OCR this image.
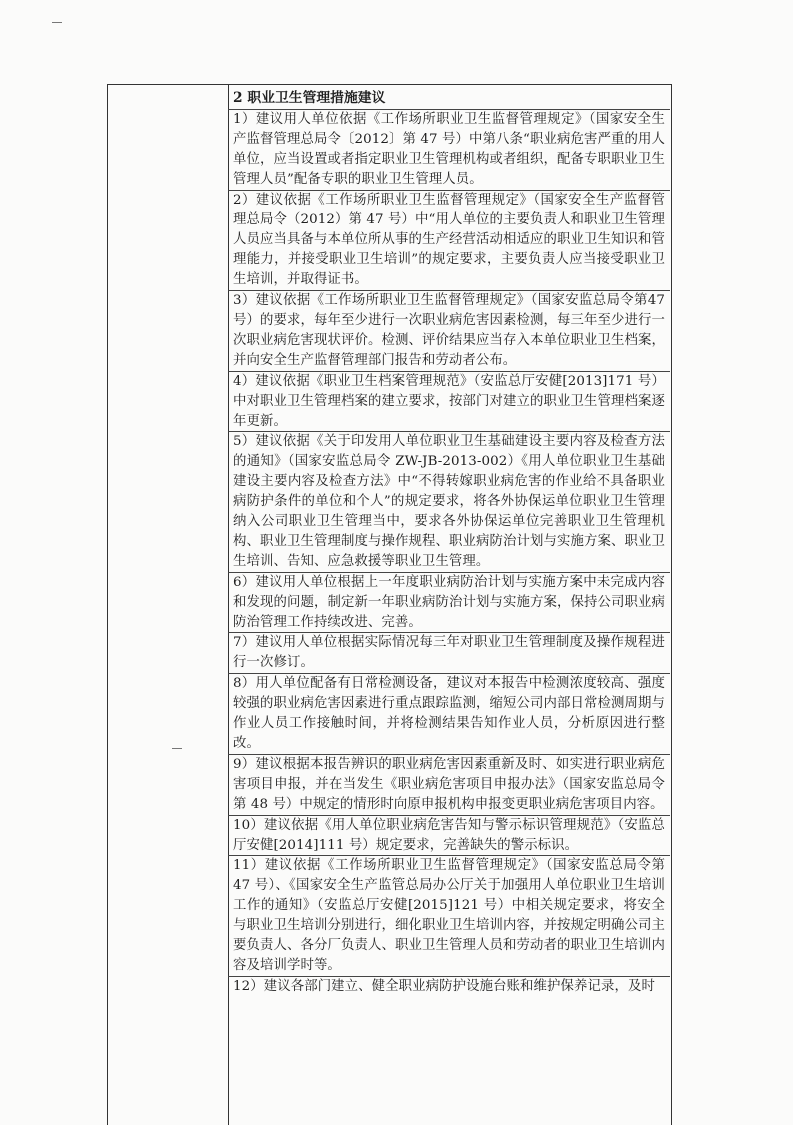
2 职业卫生管理措施建议
1）建议用人单位依据《工作场所职业卫生监督管理规定》（国家安全生产监督管理总局令〔2012〕第 47 号）中第八条“职业病危害严重的用人单位，应当设置或者指定职业卫生管理机构或者组织，配备专职职业卫生管理人员”配备专职的职业卫生管理人员。
2）建议依据《工作场所职业卫生监督管理规定》（国家安全生产监督管理总局令（2012）第 47 号）中“用人单位的主要负责人和职业卫生管理人员应当具备与本单位所从事的生产经营活动相适应的职业卫生知识和管理能力，并接受职业卫生培训”的规定要求，主要负责人应当接受职业卫生培训，并取得证书。
3）建议依据《工作场所职业卫生监督管理规定》（国家安监总局令第47 号）的要求，每年至少进行一次职业病危害因素检测，每三年至少进行一次职业病危害现状评价。检测、评价结果应当存入本单位职业卫生档案，并向安全生产监督管理部门报告和劳动者公布。
4）建议依据《职业卫生档案管理规范》（安监总厅安健[2013]171 号）中对职业卫生管理档案的建立要求，按部门对建立的职业卫生管理档案逐年更新。
5）建议依据《关于印发用人单位职业卫生基础建设主要内容及检查方法的通知》（国家安监总局令 ZW-JB-2013-002）《用人单位职业卫生基础建设主要内容及检查方法》中“不得转嫁职业病危害的作业给不具备职业病防护条件的单位和个人”的规定要求，将各外协保运单位职业卫生管理纳入公司职业卫生管理当中，要求各外协保运单位完善职业卫生管理机构、职业卫生管理制度与操作规程、职业病防治计划与实施方案、职业卫生培训、告知、应急救援等职业卫生管理。
6）建议用人单位根据上一年度职业病防治计划与实施方案中未完成内容和发现的问题，制定新一年职业病防治计划与实施方案，保持公司职业病防治管理工作持续改进、完善。
7）建议用人单位根据实际情况每三年对职业卫生管理制度及操作规程进行一次修订。
8）用人单位配备有日常检测设备，建议对本报告中检测浓度较高、强度较强的职业病危害因素进行重点跟踪监测，缩短公司内部日常检测周期与作业人员工作接触时间，并将检测结果告知作业人员，分析原因进行整改。
9）建议根据本报告辨识的职业病危害因素重新及时、如实进行职业病危害项目申报，并在当发生《职业病危害项目申报办法》（国家安监总局令第 48 号）中规定的情形时向原申报机构申报变更职业病危害项目内容。
10）建议依据《用人单位职业病危害告知与警示标识管理规范》（安监总厅安健[2014]111 号）规定要求，完善缺失的警示标识。
11）建议依据《工作场所职业卫生监督管理规定》（国家安监总局令第47 号）、《国家安全生产监管总局办公厅关于加强用人单位职业卫生培训工作的通知》（安监总厅安健[2015]121 号）中相关规定要求，将安全与职业卫生培训分别进行，细化职业卫生培训内容，并按规定明确公司主要负责人、各分厂负责人、职业卫生管理人员和劳动者的职业卫生培训内容及培训学时等。
12）建议各部门建立、健全职业病防护设施台账和维护保养记录，及时
